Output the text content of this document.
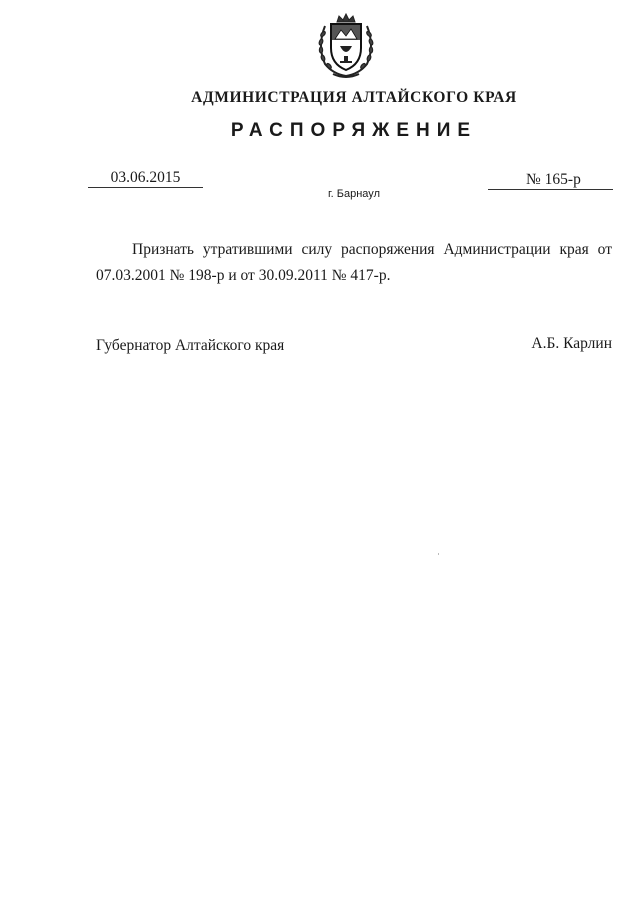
АДМИНИСТРАЦИЯ АЛТАЙСКОГО КРАЯ
РАСПОРЯЖЕНИЕ
03.06.2015	№ 165-р
г. Барнаул

Признать утратившими силу распоряжения Администрации края от 07.03.2001 № 198-р и от 30.09.2011 № 417-р.

Губернатор Алтайского края	А.Б. Карлин
